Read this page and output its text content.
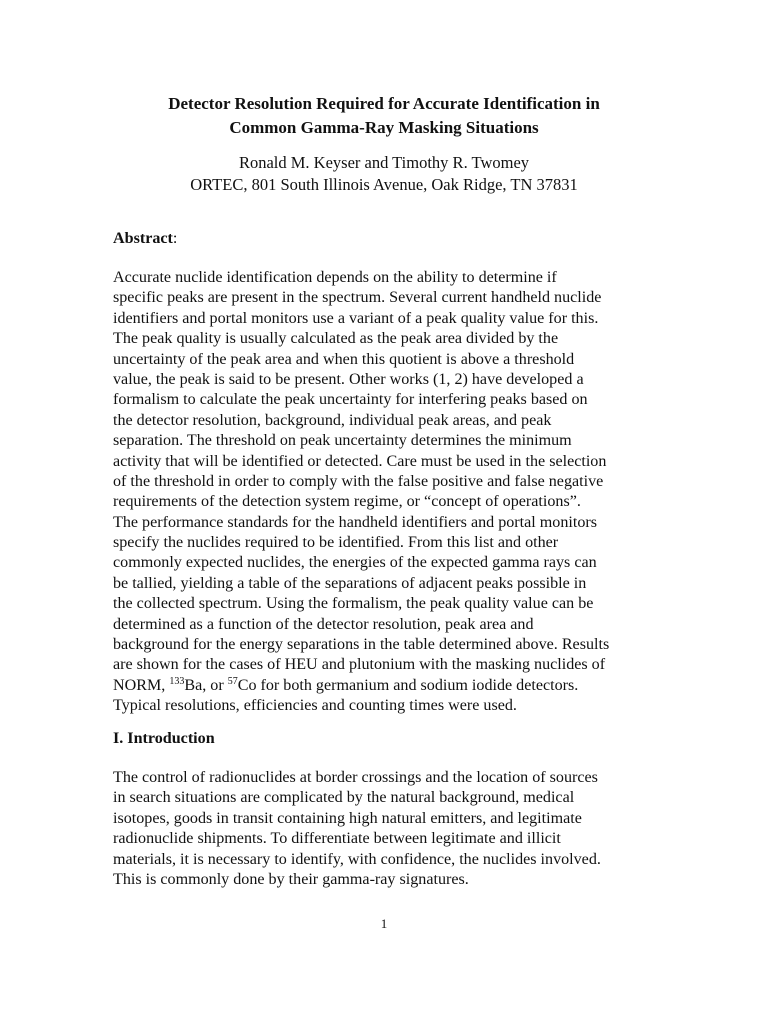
Detector Resolution Required for Accurate Identification in
Common Gamma-Ray Masking Situations
Ronald M. Keyser and Timothy R. Twomey
ORTEC, 801 South Illinois Avenue, Oak Ridge, TN 37831
Abstract:
Accurate nuclide identification depends on the ability to determine if
specific peaks are present in the spectrum. Several current handheld nuclide
identifiers and portal monitors use a variant of a peak quality value for this.
The peak quality is usually calculated as the peak area divided by the
uncertainty of the peak area and when this quotient is above a threshold
value, the peak is said to be present. Other works (1, 2) have developed a
formalism to calculate the peak uncertainty for interfering peaks based on
the detector resolution, background, individual peak areas, and peak
separation. The threshold on peak uncertainty determines the minimum
activity that will be identified or detected. Care must be used in the selection
of the threshold in order to comply with the false positive and false negative
requirements of the detection system regime, or “concept of operations”.
The performance standards for the handheld identifiers and portal monitors
specify the nuclides required to be identified. From this list and other
commonly expected nuclides, the energies of the expected gamma rays can
be tallied, yielding a table of the separations of adjacent peaks possible in
the collected spectrum. Using the formalism, the peak quality value can be
determined as a function of the detector resolution, peak area and
background for the energy separations in the table determined above. Results
are shown for the cases of HEU and plutonium with the masking nuclides of
NORM, $^{133}$Ba, or $^{57}$Co for both germanium and sodium iodide detectors.
Typical resolutions, efficiencies and counting times were used.
I. Introduction
The control of radionuclides at border crossings and the location of sources
in search situations are complicated by the natural background, medical
isotopes, goods in transit containing high natural emitters, and legitimate
radionuclide shipments. To differentiate between legitimate and illicit
materials, it is necessary to identify, with confidence, the nuclides involved.
This is commonly done by their gamma-ray signatures.
1
